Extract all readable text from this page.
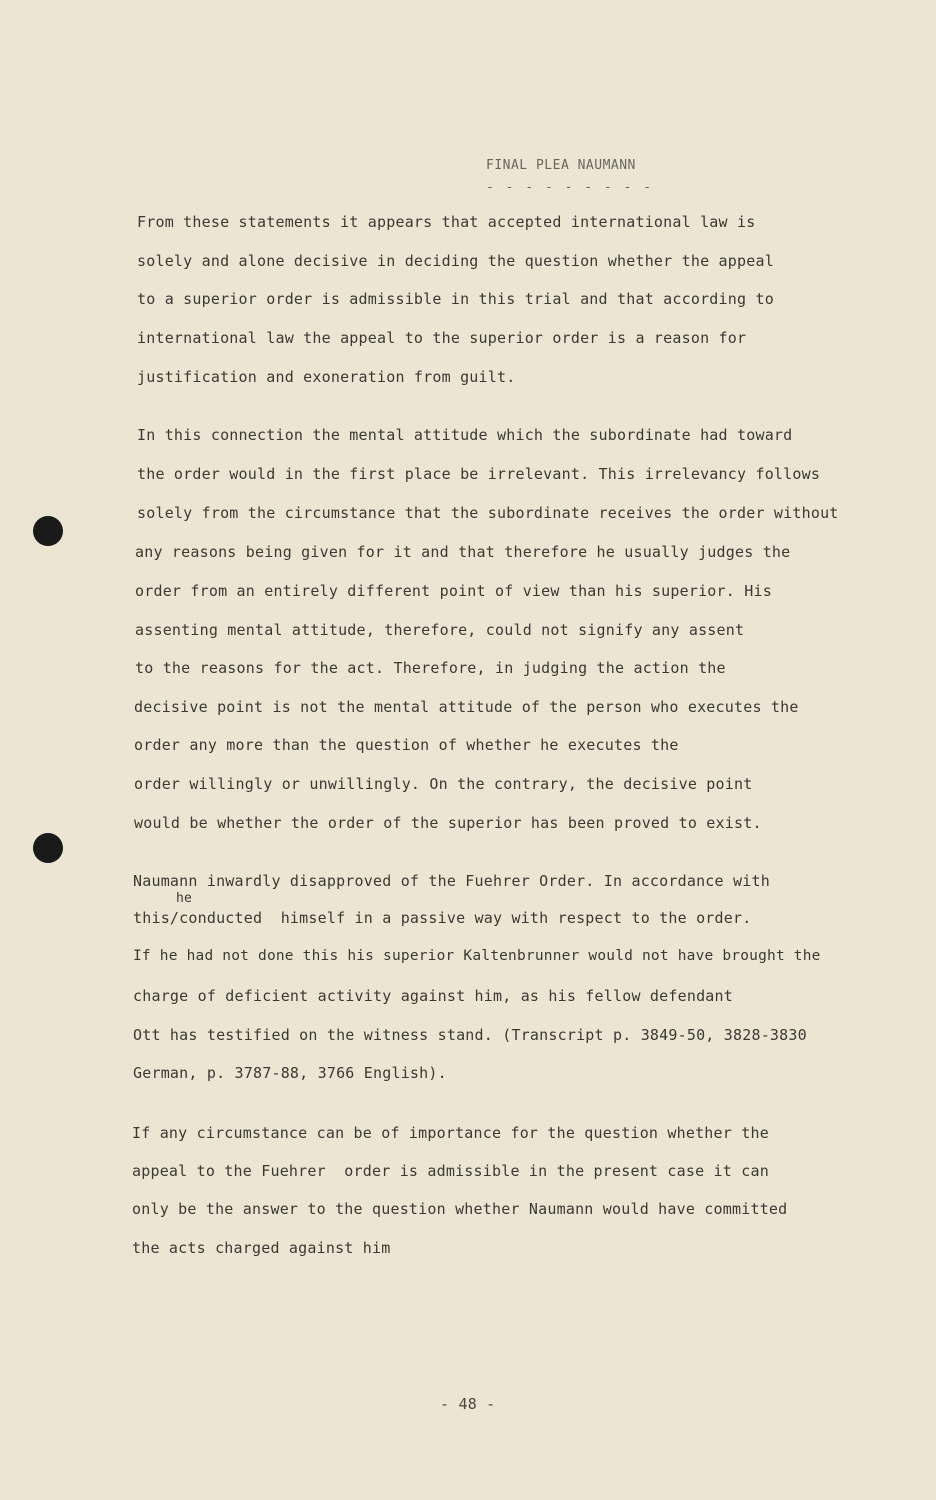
FINAL PLEA NAUMANN
- - - - - - - - -
From these statements it appears that accepted international law is
solely and alone decisive in deciding the question whether the appeal
to a superior order is admissible in this trial and that according to
international law the appeal to the superior order is a reason for
justification and exoneration from guilt.
In this connection the mental attitude which the subordinate had toward
the order would in the first place be irrelevant. This irrelevancy follows
solely from the circumstance that the subordinate receives the order without
any reasons being given for it and that therefore he usually judges the
order from an entirely different point of view than his superior. His
assenting mental attitude, therefore, could not signify any assent
to the reasons for the act. Therefore, in judging the action the
decisive point is not the mental attitude of the person who executes the
order any more than the question of whether he executes the
order willingly or unwillingly. On the contrary, the decisive point
would be whether the order of the superior has been proved to exist.
Naumann inwardly disapproved of the Fuehrer Order. In accordance with
he
this/conducted  himself in a passive way with respect to the order.
If he had not done this his superior Kaltenbrunner would not have brought the
charge of deficient activity against him, as his fellow defendant
Ott has testified on the witness stand. (Transcript p. 3849-50, 3828-3830
German, p. 3787-88, 3766 English).
If any circumstance can be of importance for the question whether the
appeal to the Fuehrer  order is admissible in the present case it can
only be the answer to the question whether Naumann would have committed
the acts charged against him
- 48 -
